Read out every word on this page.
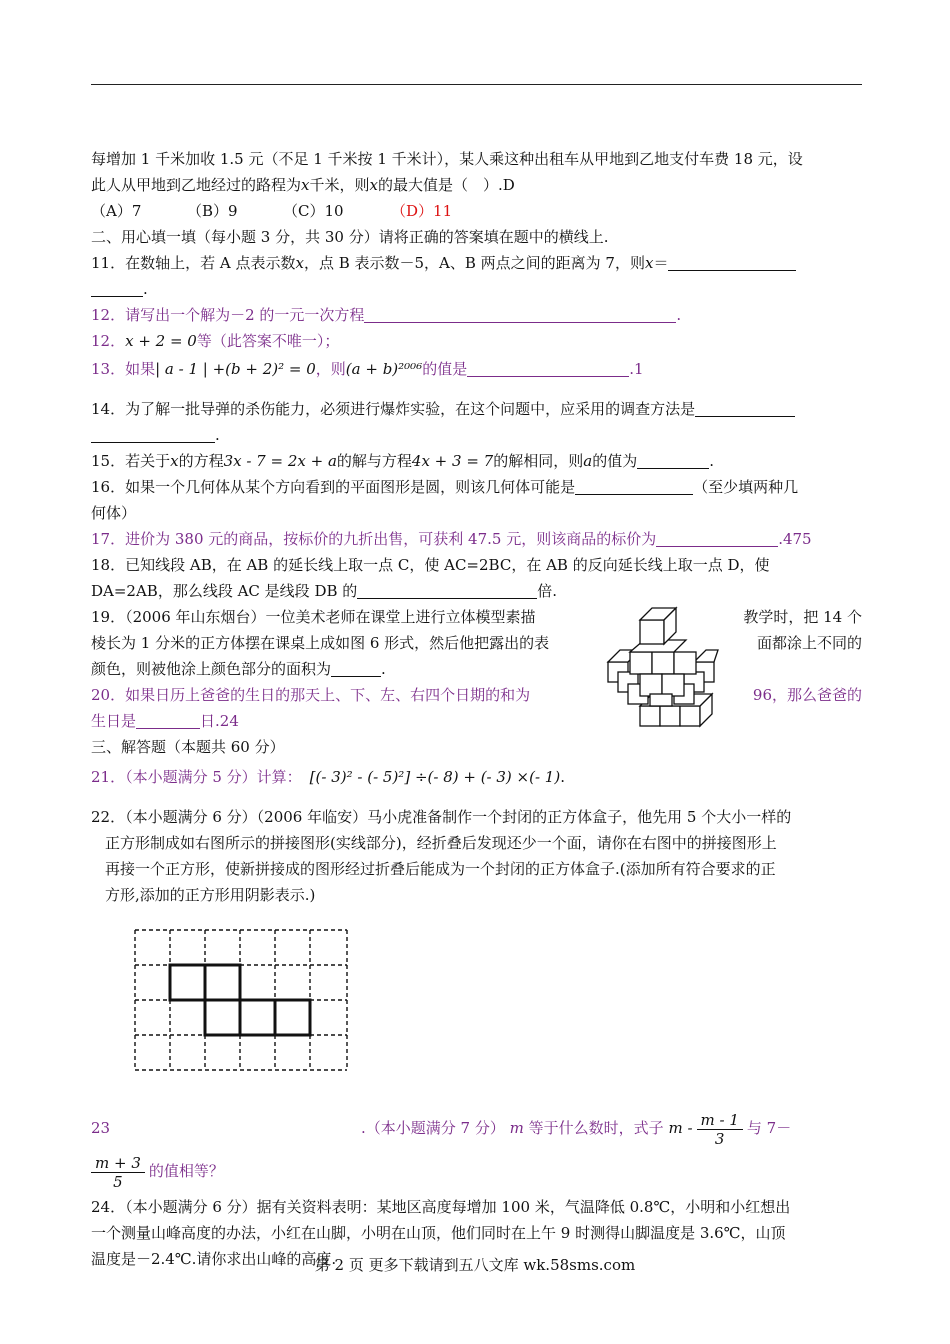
每增加 1 千米加收 1.5 元（不足 1 千米按 1 千米计），某人乘这种出租车从甲地到乙地支付车费 18 元，设
此人从甲地到乙地经过的路程为x千米，则x的最大值是（　）.D
（A）7	（B）9	（C）10	（D）11
二、用心填一填（每小题 3 分，共 30 分）请将正确的答案填在题中的横线上.
11．在数轴上，若 A 点表示数x，点 B 表示数－5，A、B 两点之间的距离为 7，则x＝
.
12．请写出一个解为－2 的一元一次方程	.
12．x + 2 = 0等（此答案不唯一）；
13．如果| a - 1 | +(b + 2)² = 0，则(a + b)²⁰⁰⁶的值是	.1
14．为了解一批导弹的杀伤能力，必须进行爆炸实验，在这个问题中，应采用的调查方法是
.
15．若关于x的方程3x - 7 = 2x + a的解与方程4x + 3 = 7的解相同，则a的值为	.
16．如果一个几何体从某个方向看到的平面图形是圆，则该几何体可能是	（至少填两种几
何体）
17．进价为 380 元的商品，按标价的九折出售，可获利 47.5 元，则该商品的标价为	.475
18．已知线段 AB，在 AB 的延长线上取一点 C，使 AC=2BC，在 AB 的反向延长线上取一点 D，使
DA=2AB，那么线段 AC 是线段 DB 的	倍.
19．（2006 年山东烟台）一位美术老师在课堂上进行立体模型素描	教学时，把 14 个
棱长为 1 分米的正方体摆在课桌上成如图 6 形式，然后他把露出的表	面都涂上不同的
颜色，则被他涂上颜色部分的面积为	.
20．如果日历上爸爸的生日的那天上、下、左、右四个日期的和为	96，那么爸爸的
生日是	日.24
三、解答题（本题共 60 分）
21．（本小题满分 5 分）计算： [(- 3)² - (- 5)²] ÷(- 8) + (- 3) ×(- 1).
22．（本小题满分 6 分）（2006 年临安）马小虎准备制作一个封闭的正方体盒子，他先用 5 个大小一样的
正方形制成如右图所示的拼接图形(实线部分)，经折叠后发现还少一个面，请你在右图中的拼接图形上
再接一个正方形，使新拼接成的图形经过折叠后能成为一个封闭的正方体盒子.(添加所有符合要求的正
方形,添加的正方形用阴影表示.)
23	.（本小题满分 7 分） m 等于什么数时，式子 m - $\frac{m - 1}{3}$ 与 7－
$\frac{m + 3}{5}$ 的值相等？
24．（本小题满分 6 分）据有关资料表明：某地区高度每增加 100 米，气温降低 0.8℃，小明和小红想出
一个测量山峰高度的办法，小红在山脚，小明在山顶，他们同时在上午 9 时测得山脚温度是 3.6℃，山顶
温度是－2.4℃.请你求出山峰的高度.
第 2 页 更多下载请到五八文库 wk.58sms.com
